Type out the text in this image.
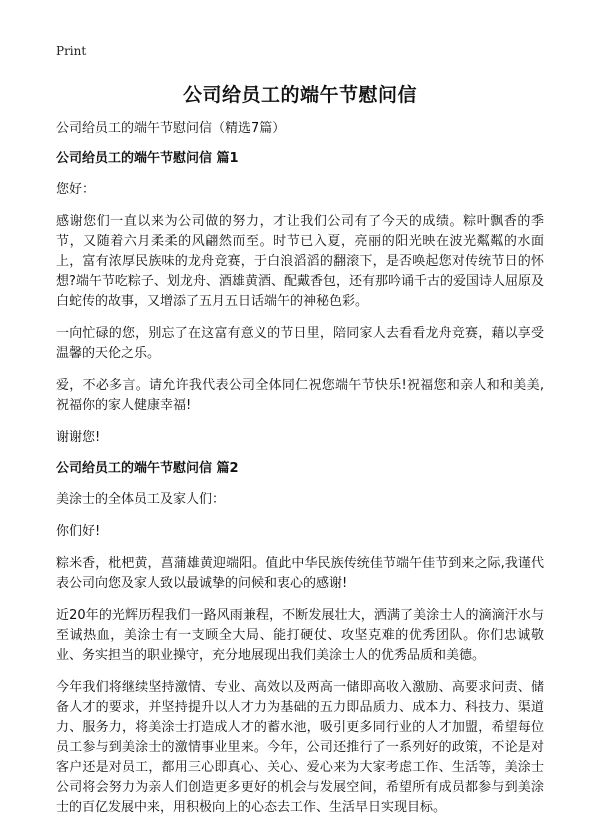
Print
公司给员工的端午节慰问信

公司给员工的端午节慰问信（精选7篇）

公司给员工的端午节慰问信 篇1

您好：

感谢您们一直以来为公司做的努力，才让我们公司有了今天的成绩。粽叶飘香的季节，又随着六月柔柔的风翩然而至。时节已入夏，亮丽的阳光映在波光粼粼的水面上，富有浓厚民族味的龙舟竞赛，于白浪滔滔的翻滚下，是否唤起您对传统节日的怀想?端午节吃粽子、划龙舟、酒雄黄酒、配戴香包，还有那吟诵千古的爱国诗人屈原及白蛇传的故事，又增添了五月五日话端午的神秘色彩。

一向忙碌的您，别忘了在这富有意义的节日里，陪同家人去看看龙舟竞赛，藉以享受温馨的天伦之乐。

爱，不必多言。请允许我代表公司全体同仁祝您端午节快乐!祝福您和亲人和和美美,祝福你的家人健康幸福!

谢谢您!

公司给员工的端午节慰问信 篇2

美涂士的全体员工及家人们：

你们好!

粽米香，枇杷黄，菖蒲雄黄迎端阳。值此中华民族传统佳节端午佳节到来之际,我谨代表公司向您及家人致以最诚挚的问候和衷心的感谢!

近20年的光辉历程我们一路风雨兼程，不断发展壮大，洒满了美涂士人的滴滴汗水与至诚热血，美涂士有一支顾全大局、能打硬仗、攻坚克难的优秀团队。你们忠诚敬业、务实担当的职业操守，充分地展现出我们美涂士人的优秀品质和美德。

今年我们将继续坚持激情、专业、高效以及两高一储即高收入激励、高要求问责、储备人才的要求，并坚持提升以人才力为基础的五力即品质力、成本力、科技力、渠道力、服务力，将美涂士打造成人才的蓄水池，吸引更多同行业的人才加盟，希望每位员工参与到美涂士的激情事业里来。今年，公司还推行了一系列好的政策，不论是对客户还是对员工，都用三心即真心、关心、爱心来为大家考虑工作、生活等，美涂士公司将会努力为亲人们创造更多更好的机会与发展空间，希望所有成员都参与到美涂士的百亿发展中来，用积极向上的心态去工作、生活早日实现目标。
